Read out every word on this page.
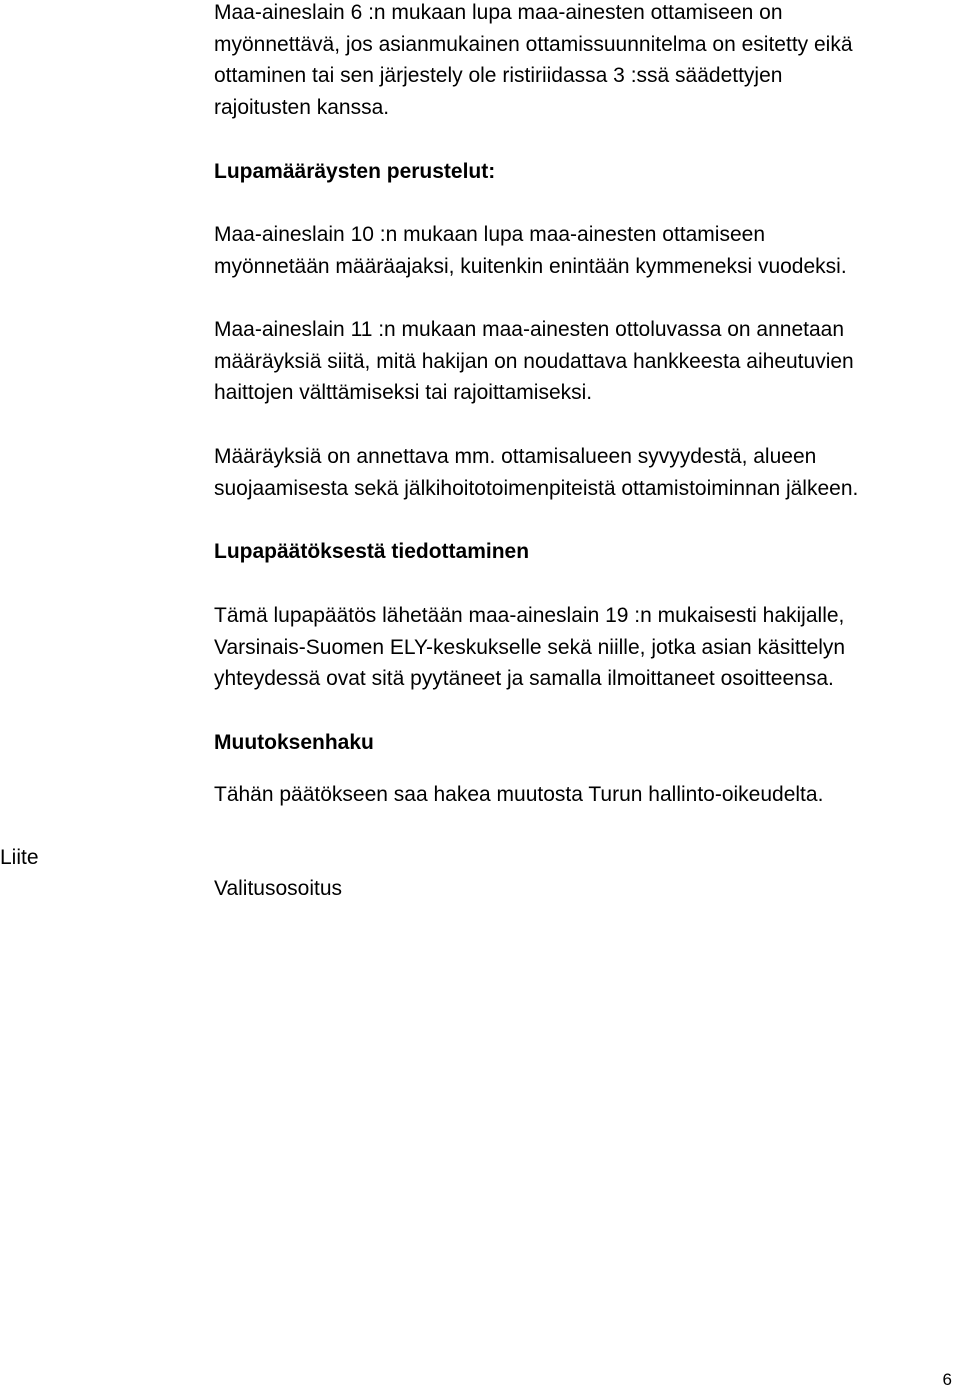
Maa-aineslain 6 :n mukaan lupa maa-ainesten ottamiseen on
myönnettävä, jos asianmukainen ottamissuunnitelma on esitetty eikä
ottaminen tai sen järjestely ole ristiriidassa 3 :ssä säädettyjen
rajoitusten kanssa.
Lupamääräysten perustelut:
Maa-aineslain 10 :n mukaan lupa maa-ainesten ottamiseen
myönnetään määräajaksi, kuitenkin enintään kymmeneksi vuodeksi.
Maa-aineslain 11 :n mukaan maa-ainesten ottoluvassa on annetaan
määräyksiä siitä, mitä hakijan on noudattava hankkeesta aiheutuvien
haittojen välttämiseksi tai rajoittamiseksi.
Määräyksiä on annettava mm. ottamisalueen syvyydestä, alueen
suojaamisesta sekä jälkihoitotoimenpiteistä ottamistoiminnan jälkeen.
Lupapäätöksestä tiedottaminen
Tämä lupapäätös lähetään maa-aineslain 19 :n mukaisesti hakijalle,
Varsinais-Suomen ELY-keskukselle sekä niille, jotka asian käsittelyn
yhteydessä ovat sitä pyytäneet ja samalla ilmoittaneet osoitteensa.
Muutoksenhaku
Tähän päätökseen saa hakea muutosta Turun hallinto-oikeudelta.
Liite
Valitusosoitus
6
